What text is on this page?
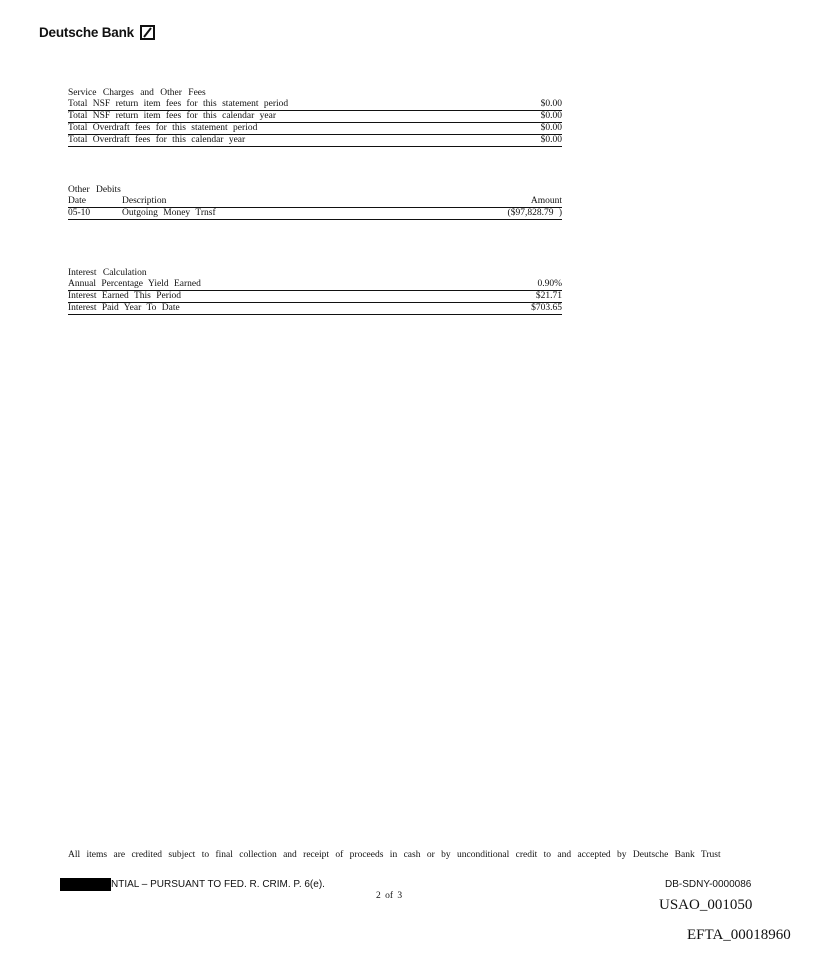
Deutsche Bank
Service Charges and Other Fees
Total NSF return item fees for this statement period	$0.00
Total NSF return item fees for this calendar year	$0.00
Total Overdraft fees for this statement period	$0.00
Total Overdraft fees for this calendar year	$0.00
Other Debits
Date	Description	Amount
05-10	Outgoing Money Trnsf	($97,828.79 )
Interest Calculation
Annual Percentage Yield Earned	0.90%
Interest Earned This Period	$21.71
Interest Paid Year To Date	$703.65
All items are credited subject to final collection and receipt of proceeds in cash or by unconditional credit to and accepted by Deutsche Bank Trust
NTIAL – PURSUANT TO FED. R. CRIM. P. 6(e).
2 of 3
DB-SDNY-0000086
USAO_001050
EFTA_00018960
